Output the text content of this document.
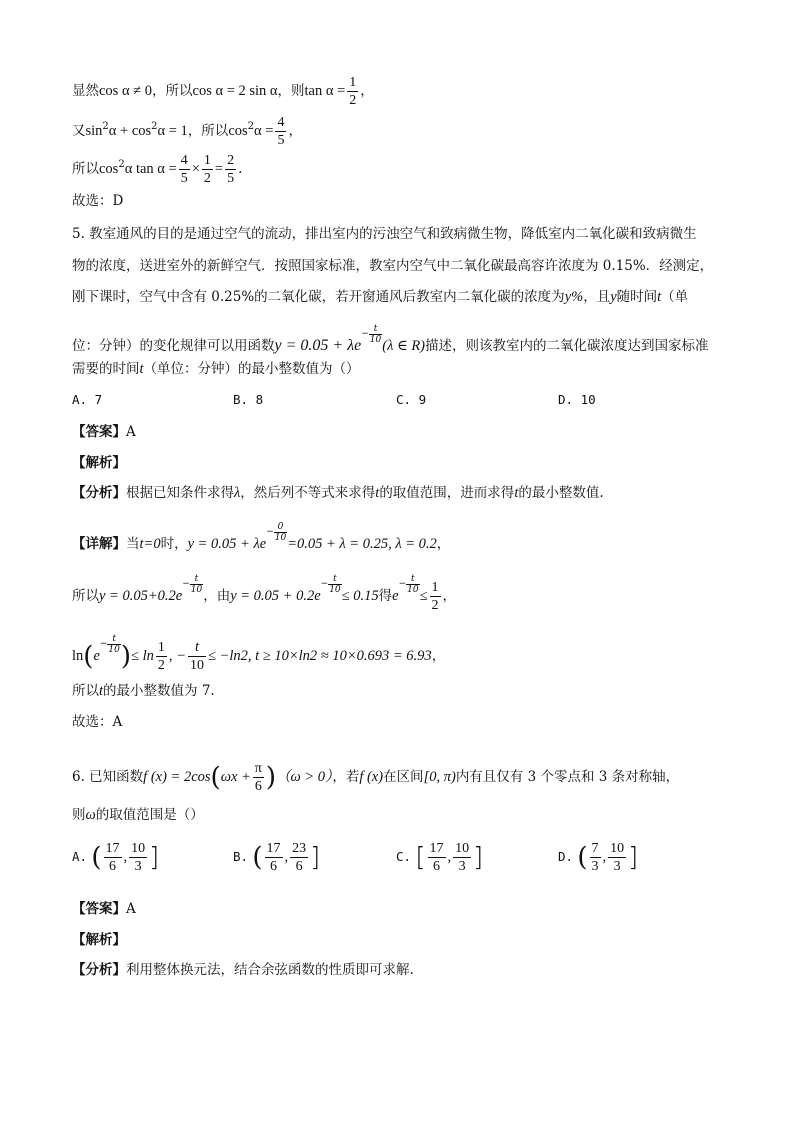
显然cos α ≠ 0，所以cos α = 2 sin α，则$\tan \alpha = \frac{1}{2}$ ，
又$\sin^2\alpha + \cos^2\alpha = 1$，所以$\cos^2\alpha = \frac{4}{5}$ ，
所以$\cos^2\alpha$ $\tan \alpha = \frac{4}{5} \times \frac{1}{2} = \frac{2}{5}$ .
故选：D
5. 教室通风的目的是通过空气的流动，排出室内的污浊空气和致病微生物，降低室内二氧化碳和致病微生
物的浓度，送进室外的新鲜空气．按照国家标准，教室内空气中二氧化碳最高容许浓度为 0.15%．经测定，
刚下课时，空气中含有 0.25%的二氧化碳，若开窗通风后教室内二氧化碳的浓度为y%，且y随时间t（单
位：分钟）的变化规律可以用函数$y = 0.05 + \lambda e- \frac{t}{10}$
(λ ∈ R)描述，则该教室内的二氧化碳浓度达到国家标准
需要的时间t（单位：分钟）的最小整数值为（）
A. 7	B. 8	C. 9	D. 10
【答案】A
【解析】
【分析】根据已知条件求得λ，然后列不等式来求得t的取值范围，进而求得t的最小整数值.
【详解】当t=0时，$y = 0.05 + \lambda e- \frac{0}{10}$
=0.05 + λ = 0.25, λ = 0.2，
所以$y = 0.05+0.2e- \frac{t}{10}$
，由$y = 0.05 + 0.2e- \frac{t}{10}$
≤ 0.15得$e- \frac{t}{10}$
≤ $\frac{1}{2}$ ，
$\ln(e- \frac{t}{10}$ )≤ $\ln \frac{1}{2}$ , − $\frac{t}{10} \le -\ln 2$, t ≥ 10×ln2 ≈ 10×0.693 = 6.93，
所以t的最小整数值为 7.
故选：A
6. 已知函数f $(x) = 2\cos(\omega x + \frac{\pi}{6} )(\omega > 0)$，若f (x)在区间[0, π)内有且仅有 3 个零点和 3 条对称轴，
则ω的取值范围是（）
A. ( $\frac{17}{6}$ , $\frac{10}{3}$ ]	B. ( $\frac{17}{6}$ , $\frac{23}{6}$ ]	C. [ $\frac{17}{6}$ , $\frac{10}{3}$ ]	D. ( $\frac{7}{3}$ , $\frac{10}{3}$ ]
【答案】A
【解析】
【分析】利用整体换元法，结合余弦函数的性质即可求解.
